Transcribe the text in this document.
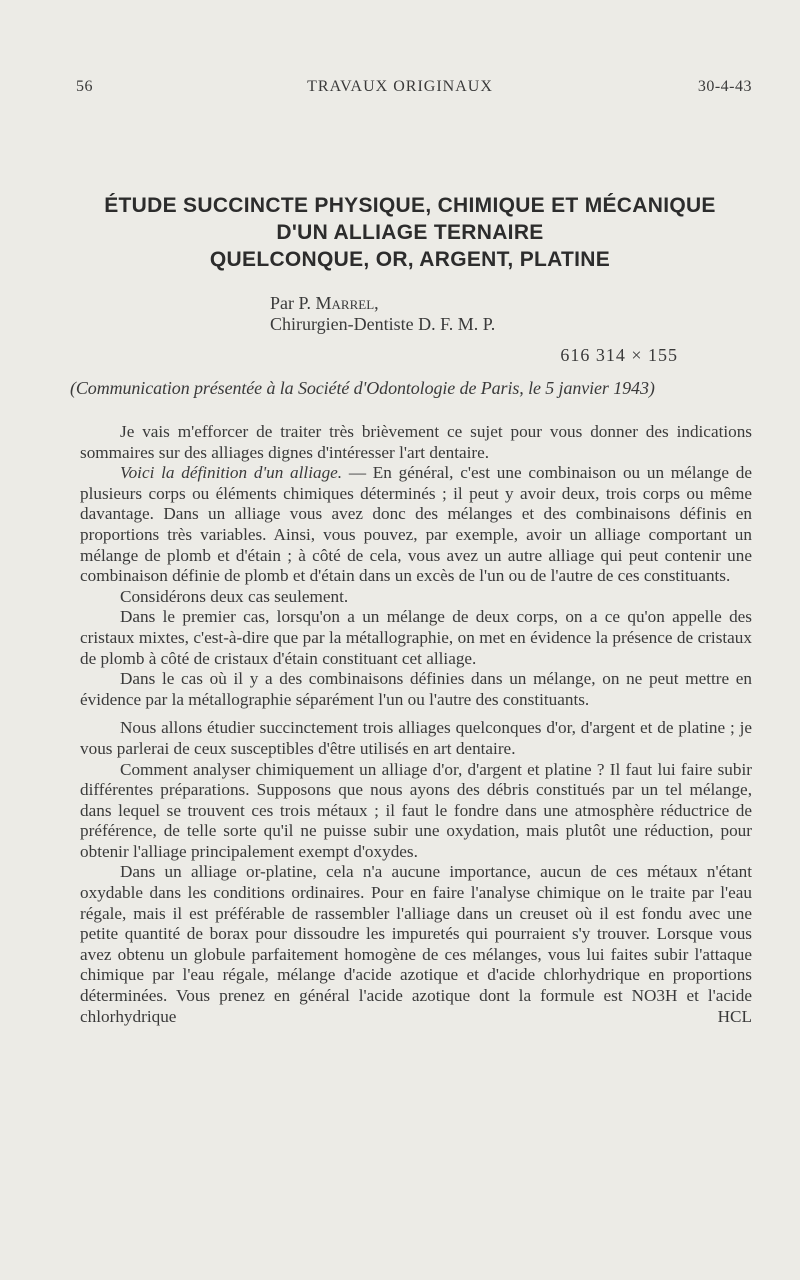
56	TRAVAUX ORIGINAUX	30-4-43
ÉTUDE SUCCINCTE PHYSIQUE, CHIMIQUE ET MÉCANIQUE
D'UN ALLIAGE TERNAIRE
QUELCONQUE, OR, ARGENT, PLATINE
Par P. Marrel,
Chirurgien-Dentiste D. F. M. P.
616 314 × 155
(Communication présentée à la Société d'Odontologie de Paris, le 5 janvier 1943)

Je vais m'efforcer de traiter très brièvement ce sujet pour vous donner des indications sommaires sur des alliages dignes d'intéresser l'art dentaire.

Voici la définition d'un alliage. — En général, c'est une combinaison ou un mélange de plusieurs corps ou éléments chimiques déterminés ; il peut y avoir deux, trois corps ou même davantage. Dans un alliage vous avez donc des mélanges et des combinaisons définis en proportions très variables. Ainsi, vous pouvez, par exemple, avoir un alliage comportant un mélange de plomb et d'étain ; à côté de cela, vous avez un autre alliage qui peut contenir une combinaison définie de plomb et d'étain dans un excès de l'un ou de l'autre de ces constituants.

Considérons deux cas seulement.

Dans le premier cas, lorsqu'on a un mélange de deux corps, on a ce qu'on appelle des cristaux mixtes, c'est-à-dire que par la métallographie, on met en évidence la présence de cristaux de plomb à côté de cristaux d'étain constituant cet alliage.

Dans le cas où il y a des combinaisons définies dans un mélange, on ne peut mettre en évidence par la métallographie séparément l'un ou l'autre des constituants.

Nous allons étudier succinctement trois alliages quelconques d'or, d'argent et de platine ; je vous parlerai de ceux susceptibles d'être utilisés en art dentaire.

Comment analyser chimiquement un alliage d'or, d'argent et platine ? Il faut lui faire subir différentes préparations. Supposons que nous ayons des débris constitués par un tel mélange, dans lequel se trouvent ces trois métaux ; il faut le fondre dans une atmosphère réductrice de préférence, de telle sorte qu'il ne puisse subir une oxydation, mais plutôt une réduction, pour obtenir l'alliage principalement exempt d'oxydes.

Dans un alliage or-platine, cela n'a aucune importance, aucun de ces métaux n'étant oxydable dans les conditions ordinaires. Pour en faire l'analyse chimique on le traite par l'eau régale, mais il est préférable de rassembler l'alliage dans un creuset où il est fondu avec une petite quantité de borax pour dissoudre les impuretés qui pourraient s'y trouver. Lorsque vous avez obtenu un globule parfaitement homogène de ces mélanges, vous lui faites subir l'attaque chimique par l'eau régale, mélange d'acide azotique et d'acide chlorhydrique en proportions déterminées. Vous prenez en général l'acide azotique dont la formule est NO3H et l'acide chlorhydrique HCL
